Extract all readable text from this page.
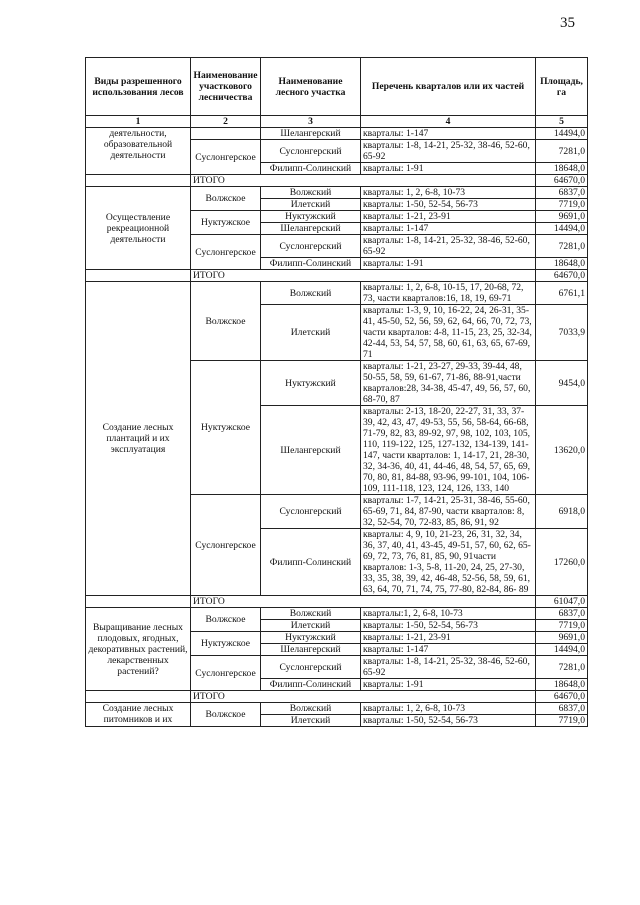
35
Виды разрешенного использования лесов	Наименование участкового лесничества	Наименование лесного участка	Перечень кварталов или их частей	Площадь, га
1	2	3	4	5
деятельности, образовательной деятельности		Шелангерский	кварталы: 1-147	14494,0
	Суслонгерское	Суслонгерский	кварталы: 1-8, 14-21, 25-32, 38-46, 52-60, 65-92	7281,0
		Филипп-Солинский	кварталы: 1-91	18648,0
	ИТОГО			64670,0
Осуществление рекреационной деятельности	Волжское	Волжский	кварталы: 1, 2, 6-8, 10-73	6837,0
		Илетский	кварталы: 1-50, 52-54, 56-73	7719,0
	Нуктужское	Нуктужский	кварталы: 1-21, 23-91	9691,0
		Шелангерский	кварталы: 1-147	14494,0
	Суслонгерское	Суслонгерский	кварталы: 1-8, 14-21, 25-32, 38-46, 52-60, 65-92	7281,0
		Филипп-Солинский	кварталы: 1-91	18648,0
	ИТОГО			64670,0
Создание лесных плантаций и их эксплуатация	Волжское	Волжский	кварталы: 1, 2, 6-8, 10-15, 17, 20-68, 72, 73, части кварталов:16, 18, 19, 69-71	6761,1
		Илетский	кварталы: 1-3, 9, 10, 16-22, 24, 26-31, 35-41, 45-50, 52, 56, 59, 62, 64, 66, 70, 72, 73, части кварталов: 4-8, 11-15, 23, 25, 32-34, 42-44, 53, 54, 57, 58, 60, 61, 63, 65, 67-69, 71	7033,9
	Нуктужское	Нуктужский	кварталы: 1-21, 23-27, 29-33, 39-44, 48, 50-55, 58, 59, 61-67, 71-86, 88-91,части кварталов:28, 34-38, 45-47, 49, 56, 57, 60, 68-70, 87	9454,0
		Шелангерский	кварталы: 2-13, 18-20, 22-27, 31, 33, 37-39, 42, 43, 47, 49-53, 55, 56, 58-64, 66-68, 71-79, 82, 83, 89-92, 97, 98, 102, 103, 105, 110, 119-122, 125, 127-132, 134-139, 141-147, части кварталов: 1, 14-17, 21, 28-30, 32, 34-36, 40, 41, 44-46, 48, 54, 57, 65, 69, 70, 80, 81, 84-88, 93-96, 99-101, 104, 106-109, 111-118, 123, 124, 126, 133, 140	13620,0
	Суслонгерское	Суслонгерский	кварталы: 1-7, 14-21, 25-31, 38-46, 55-60, 65-69, 71, 84, 87-90, части кварталов: 8, 32, 52-54, 70, 72-83, 85, 86, 91, 92	6918,0
		Филипп-Солинский	кварталы: 4, 9, 10, 21-23, 26, 31, 32, 34, 36, 37, 40, 41, 43-45, 49-51, 57, 60, 62, 65-69, 72, 73, 76, 81, 85, 90, 91части кварталов: 1-3, 5-8, 11-20, 24, 25, 27-30, 33, 35, 38, 39, 42, 46-48, 52-56, 58, 59, 61, 63, 64, 70, 71, 74, 75, 77-80, 82-84, 86- 89	17260,0
	ИТОГО			61047,0
Выращивание лесных плодовых, ягодных, декоративных растений, лекарственных растений?	Волжское	Волжский	кварталы:1, 2, 6-8, 10-73	6837,0
		Илетский	кварталы: 1-50, 52-54, 56-73	7719,0
	Нуктужское	Нуктужский	кварталы: 1-21, 23-91	9691,0
		Шелангерский	кварталы: 1-147	14494,0
	Суслонгерское	Суслонгерский	кварталы: 1-8, 14-21, 25-32, 38-46, 52-60, 65-92	7281,0
		Филипп-Солинский	кварталы: 1-91	18648,0
	ИТОГО			64670,0
Создание лесных питомников и их	Волжское	Волжский	кварталы: 1, 2, 6-8, 10-73	6837,0
		Илетский	кварталы: 1-50, 52-54, 56-73	7719,0
